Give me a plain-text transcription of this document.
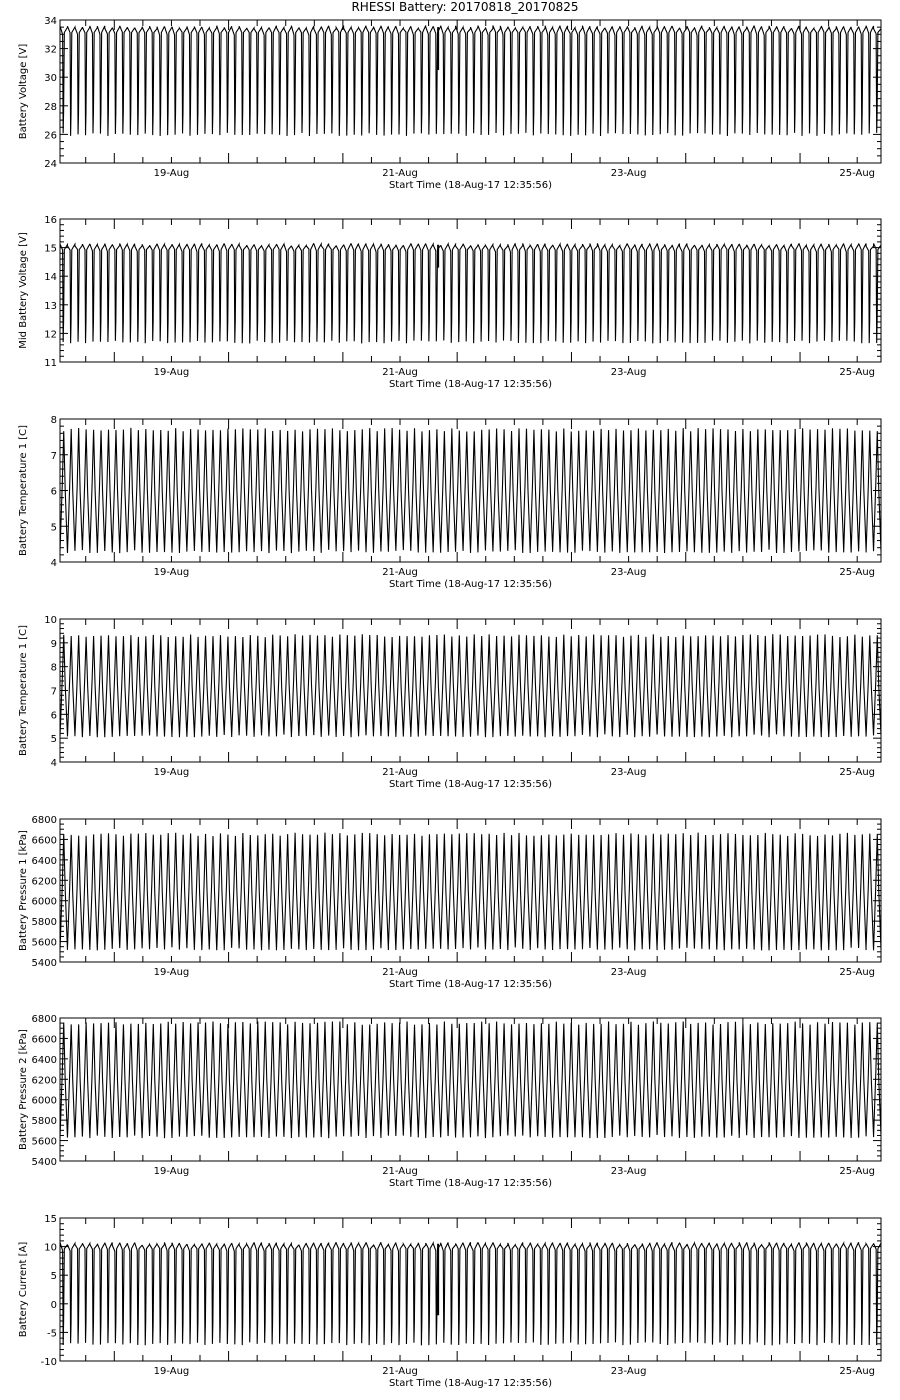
RHESSI Battery: 20170818_20170825
24
26
28
30
32
34
19-Aug	21-Aug	23-Aug	25-Aug
Start Time (18-Aug-17 12:35:56)
Battery Voltage [V]
11
12
13
14
15
16
19-Aug	21-Aug	23-Aug	25-Aug
Start Time (18-Aug-17 12:35:56)
Mid Battery Voltage [V]
4
5
6
7
8
19-Aug	21-Aug	23-Aug	25-Aug
Start Time (18-Aug-17 12:35:56)
Battery Temperature 1 [C]
4
5
6
7
8
9
10
19-Aug	21-Aug	23-Aug	25-Aug
Start Time (18-Aug-17 12:35:56)
Battery Temperature 1 [C]
5400
5600
5800
6000
6200
6400
6600
6800
19-Aug	21-Aug	23-Aug	25-Aug
Start Time (18-Aug-17 12:35:56)
Battery Pressure 1 [kPa]
5400
5600
5800
6000
6200
6400
6600
6800
19-Aug	21-Aug	23-Aug	25-Aug
Start Time (18-Aug-17 12:35:56)
Battery Pressure 2 [kPa]
-10
-5
0
5
10
15
19-Aug	21-Aug	23-Aug	25-Aug
Start Time (18-Aug-17 12:35:56)
Battery Current [A]
